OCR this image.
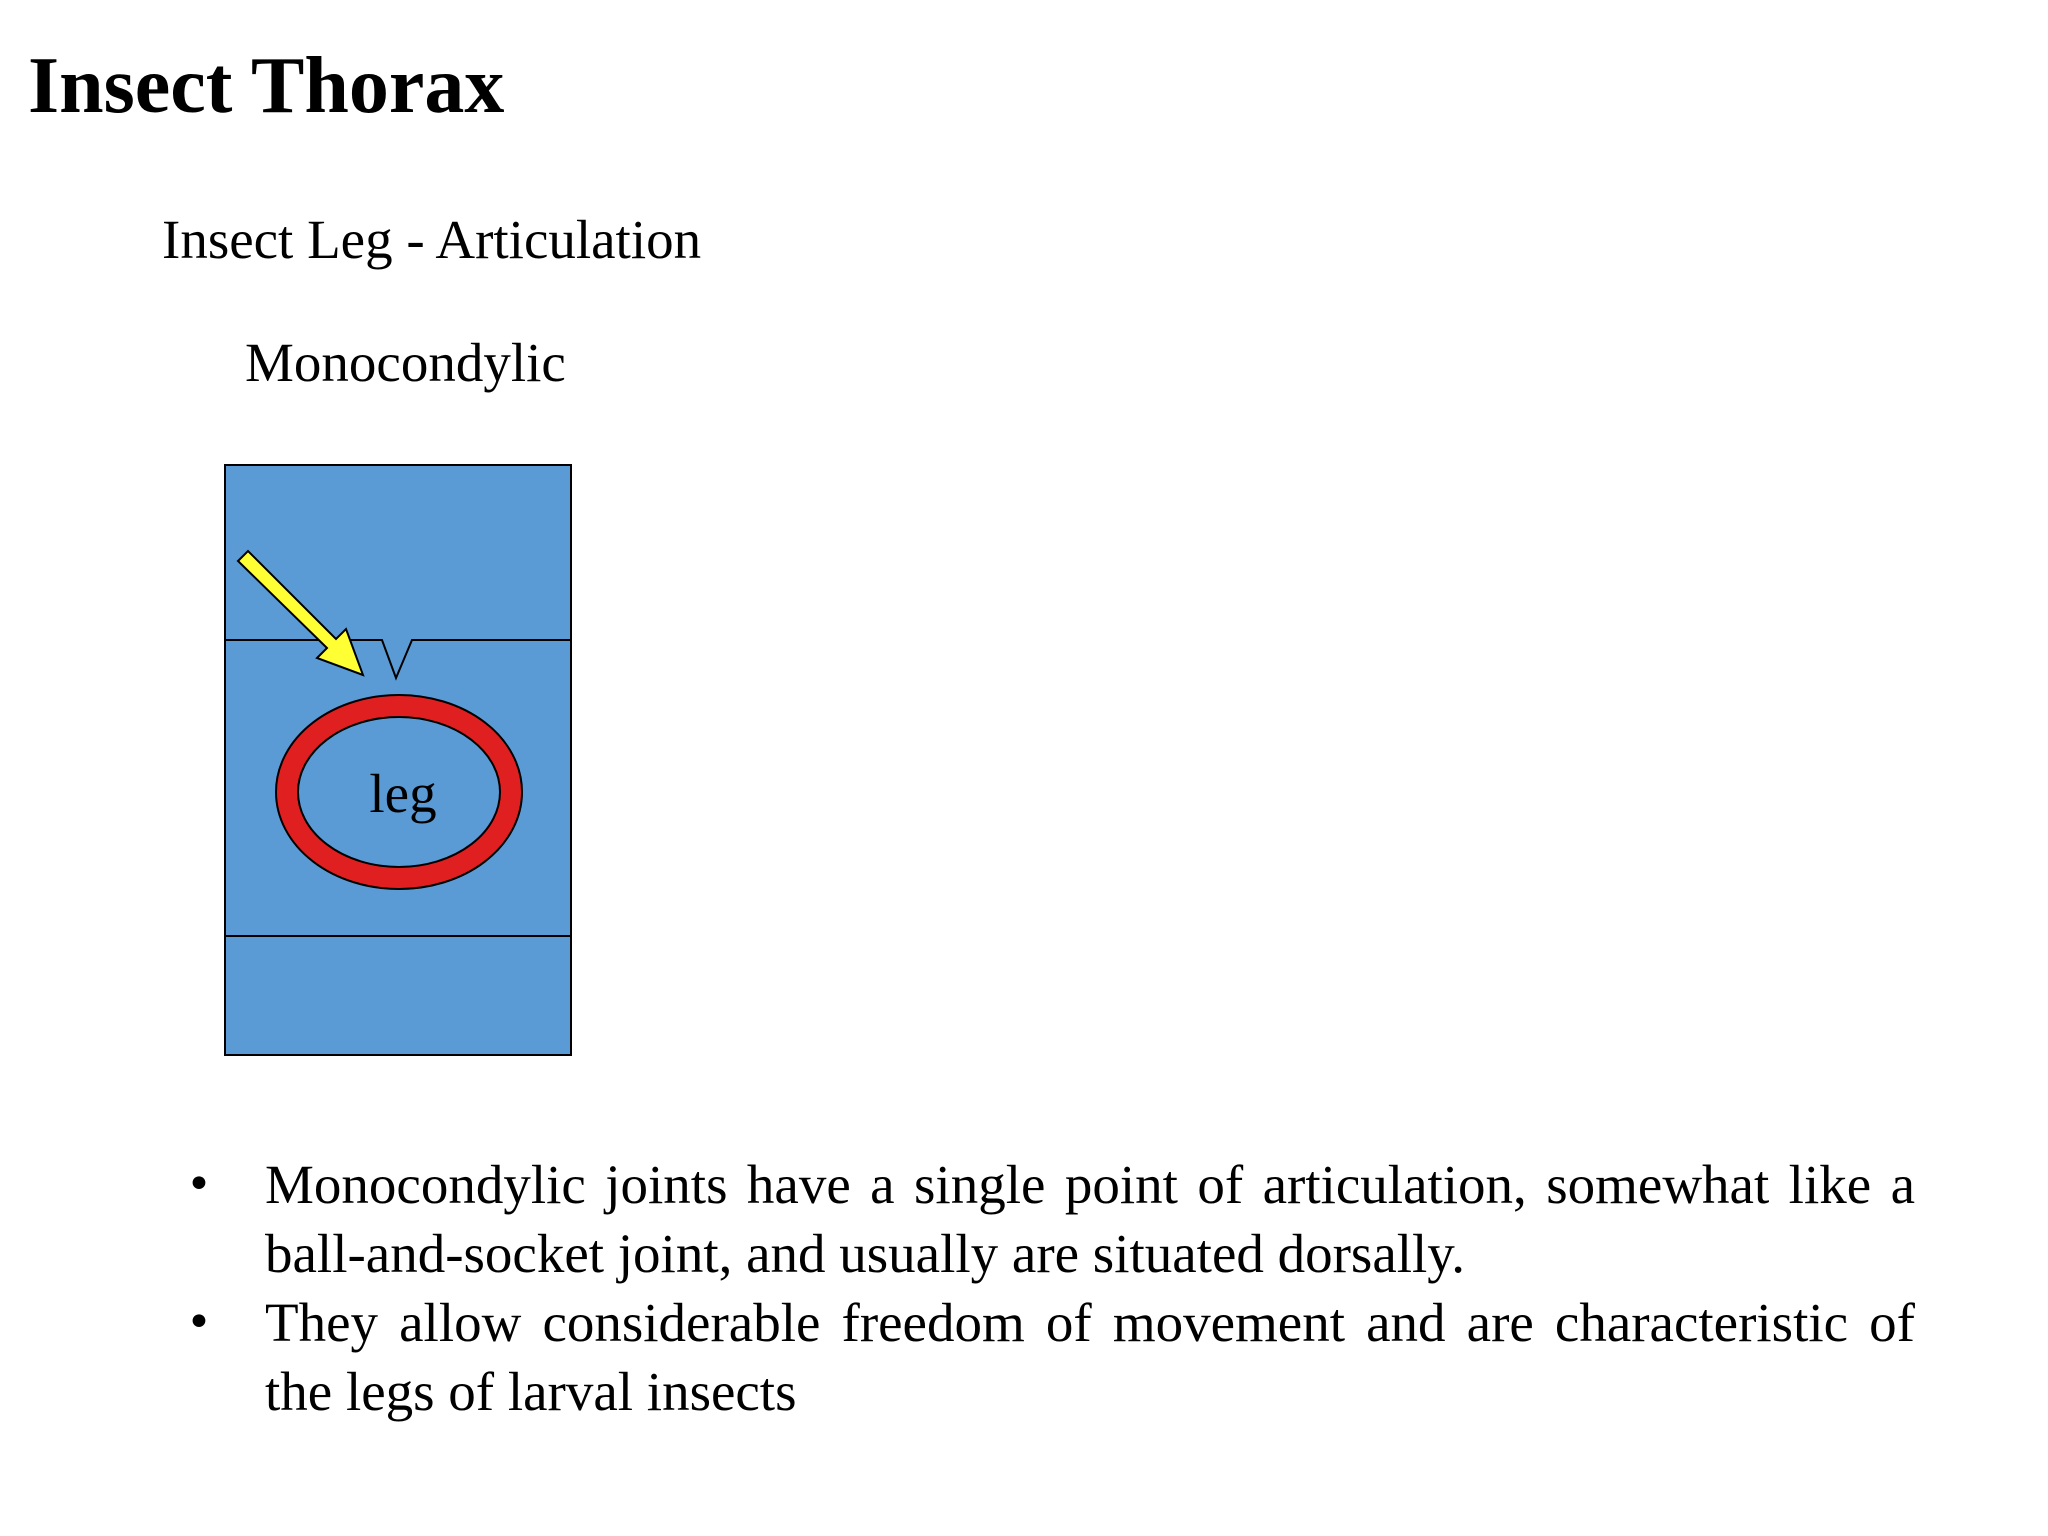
Insect Thorax
Insect Leg - Articulation
Monocondylic
leg
• Monocondylic joints have a single point of articulation, somewhat like a ball-and-socket joint, and usually are situated dorsally.
• They allow considerable freedom of movement and are characteristic of the legs of larval insects
